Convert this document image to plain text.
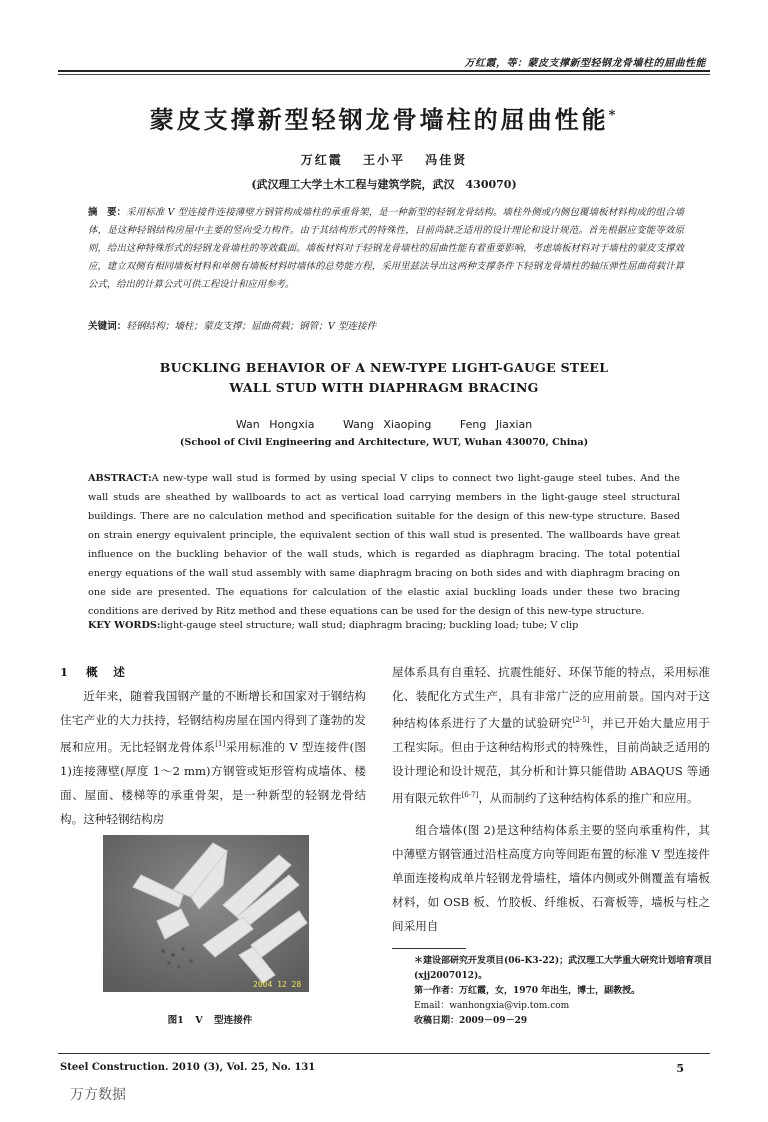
万红霞，等：蒙皮支撑新型轻钢龙骨墙柱的屈曲性能
蒙皮支撑新型轻钢龙骨墙柱的屈曲性能*
万红霞 王小平 冯佳贤
(武汉理工大学土木工程与建筑学院，武汉　430070)
摘　要：采用标准 V 型连接件连接薄壁方钢管构成墙柱的承重骨架，是一种新型的轻钢龙骨结构。墙柱外侧或内侧包覆墙板材料构成的组合墙体，是这种轻钢结构房屋中主要的竖向受力构件。由于其结构形式的特殊性，目前尚缺乏适用的设计理论和设计规范。首先根据应变能等效原则，给出这种特殊形式的轻钢龙骨墙柱的等效截面。墙板材料对于轻钢龙骨墙柱的屈曲性能有着重要影响，考虑墙板材料对于墙柱的蒙皮支撑效应，建立双侧有相同墙板材料和单侧有墙板材料时墙体的总势能方程，采用里兹法导出这两种支撑条件下轻钢龙骨墙柱的轴压弹性屈曲荷载计算公式，给出的计算公式可供工程设计和应用参考。
关键词：轻钢结构；墙柱；蒙皮支撑；屈曲荷载；钢管；V 型连接件
BUCKLING BEHAVIOR OF A NEW-TYPE LIGHT-GAUGE STEEL
WALL STUD WITH DIAPHRAGM BRACING
Wan Hongxia	Wang Xiaoping	Feng Jiaxian
(School of Civil Engineering and Architecture, WUT, Wuhan 430070, China)
ABSTRACT:A new-type wall stud is formed by using special V clips to connect two light-gauge steel tubes. And the wall studs are sheathed by wallboards to act as vertical load carrying members in the light-gauge steel structural buildings. There are no calculation method and specification suitable for the design of this new-type structure. Based on strain energy equivalent principle, the equivalent section of this wall stud is presented. The wallboards have great influence on the buckling behavior of the wall studs, which is regarded as diaphragm bracing. The total potential energy equations of the wall stud assembly with same diaphragm bracing on both sides and with diaphragm bracing on one side are presented. The equations for calculation of the elastic axial buckling loads under these two bracing conditions are derived by Ritz method and these equations can be used for the design of this new-type structure.
KEY WORDS:light-gauge steel structure; wall stud; diaphragm bracing; buckling load; tube; V clip
1 概　述

近年来，随着我国钢产量的不断增长和国家对于钢结构住宅产业的大力扶持，轻钢结构房屋在国内得到了蓬勃的发展和应用。无比轻钢龙骨体系[1]采用标准的 V 型连接件(图 1)连接薄壁(厚度 1～2 mm)方钢管或矩形管构成墙体、楼面、屋面、楼梯等的承重骨架，是一种新型的轻钢龙骨结构。这种轻钢结构房

2004 12 28
图1 V 型连接件

屋体系具有自重轻、抗震性能好、环保节能的特点，采用标准化、装配化方式生产，具有非常广泛的应用前景。国内对于这种结构体系进行了大量的试验研究[2-5]，并已开始大量应用于工程实际。但由于这种结构形式的特殊性，目前尚缺乏适用的设计理论和设计规范，其分析和计算只能借助 ABAQUS 等通用有限元软件[6-7]，从而制约了这种结构体系的推广和应用。

组合墙体(图 2)是这种结构体系主要的竖向承重构件，其中薄壁方钢管通过沿柱高度方向等间距布置的标准 V 型连接件单面连接构成单片轻钢龙骨墙柱，墙体内侧或外侧覆盖有墙板材料，如 OSB 板、竹胶板、纤维板、石膏板等，墙板与柱之间采用自

＊建设部研究开发项目(06-K3-22)；武汉理工大学重大研究计划培育项目(xjj2007012)。

第一作者：万红霞，女，1970 年出生，博士，副教授。

Email：wanhongxia@vip.tom.com

收稿日期：2009－09－29

Steel Construction. 2010 (3), Vol. 25, No. 131	5
万方数据
